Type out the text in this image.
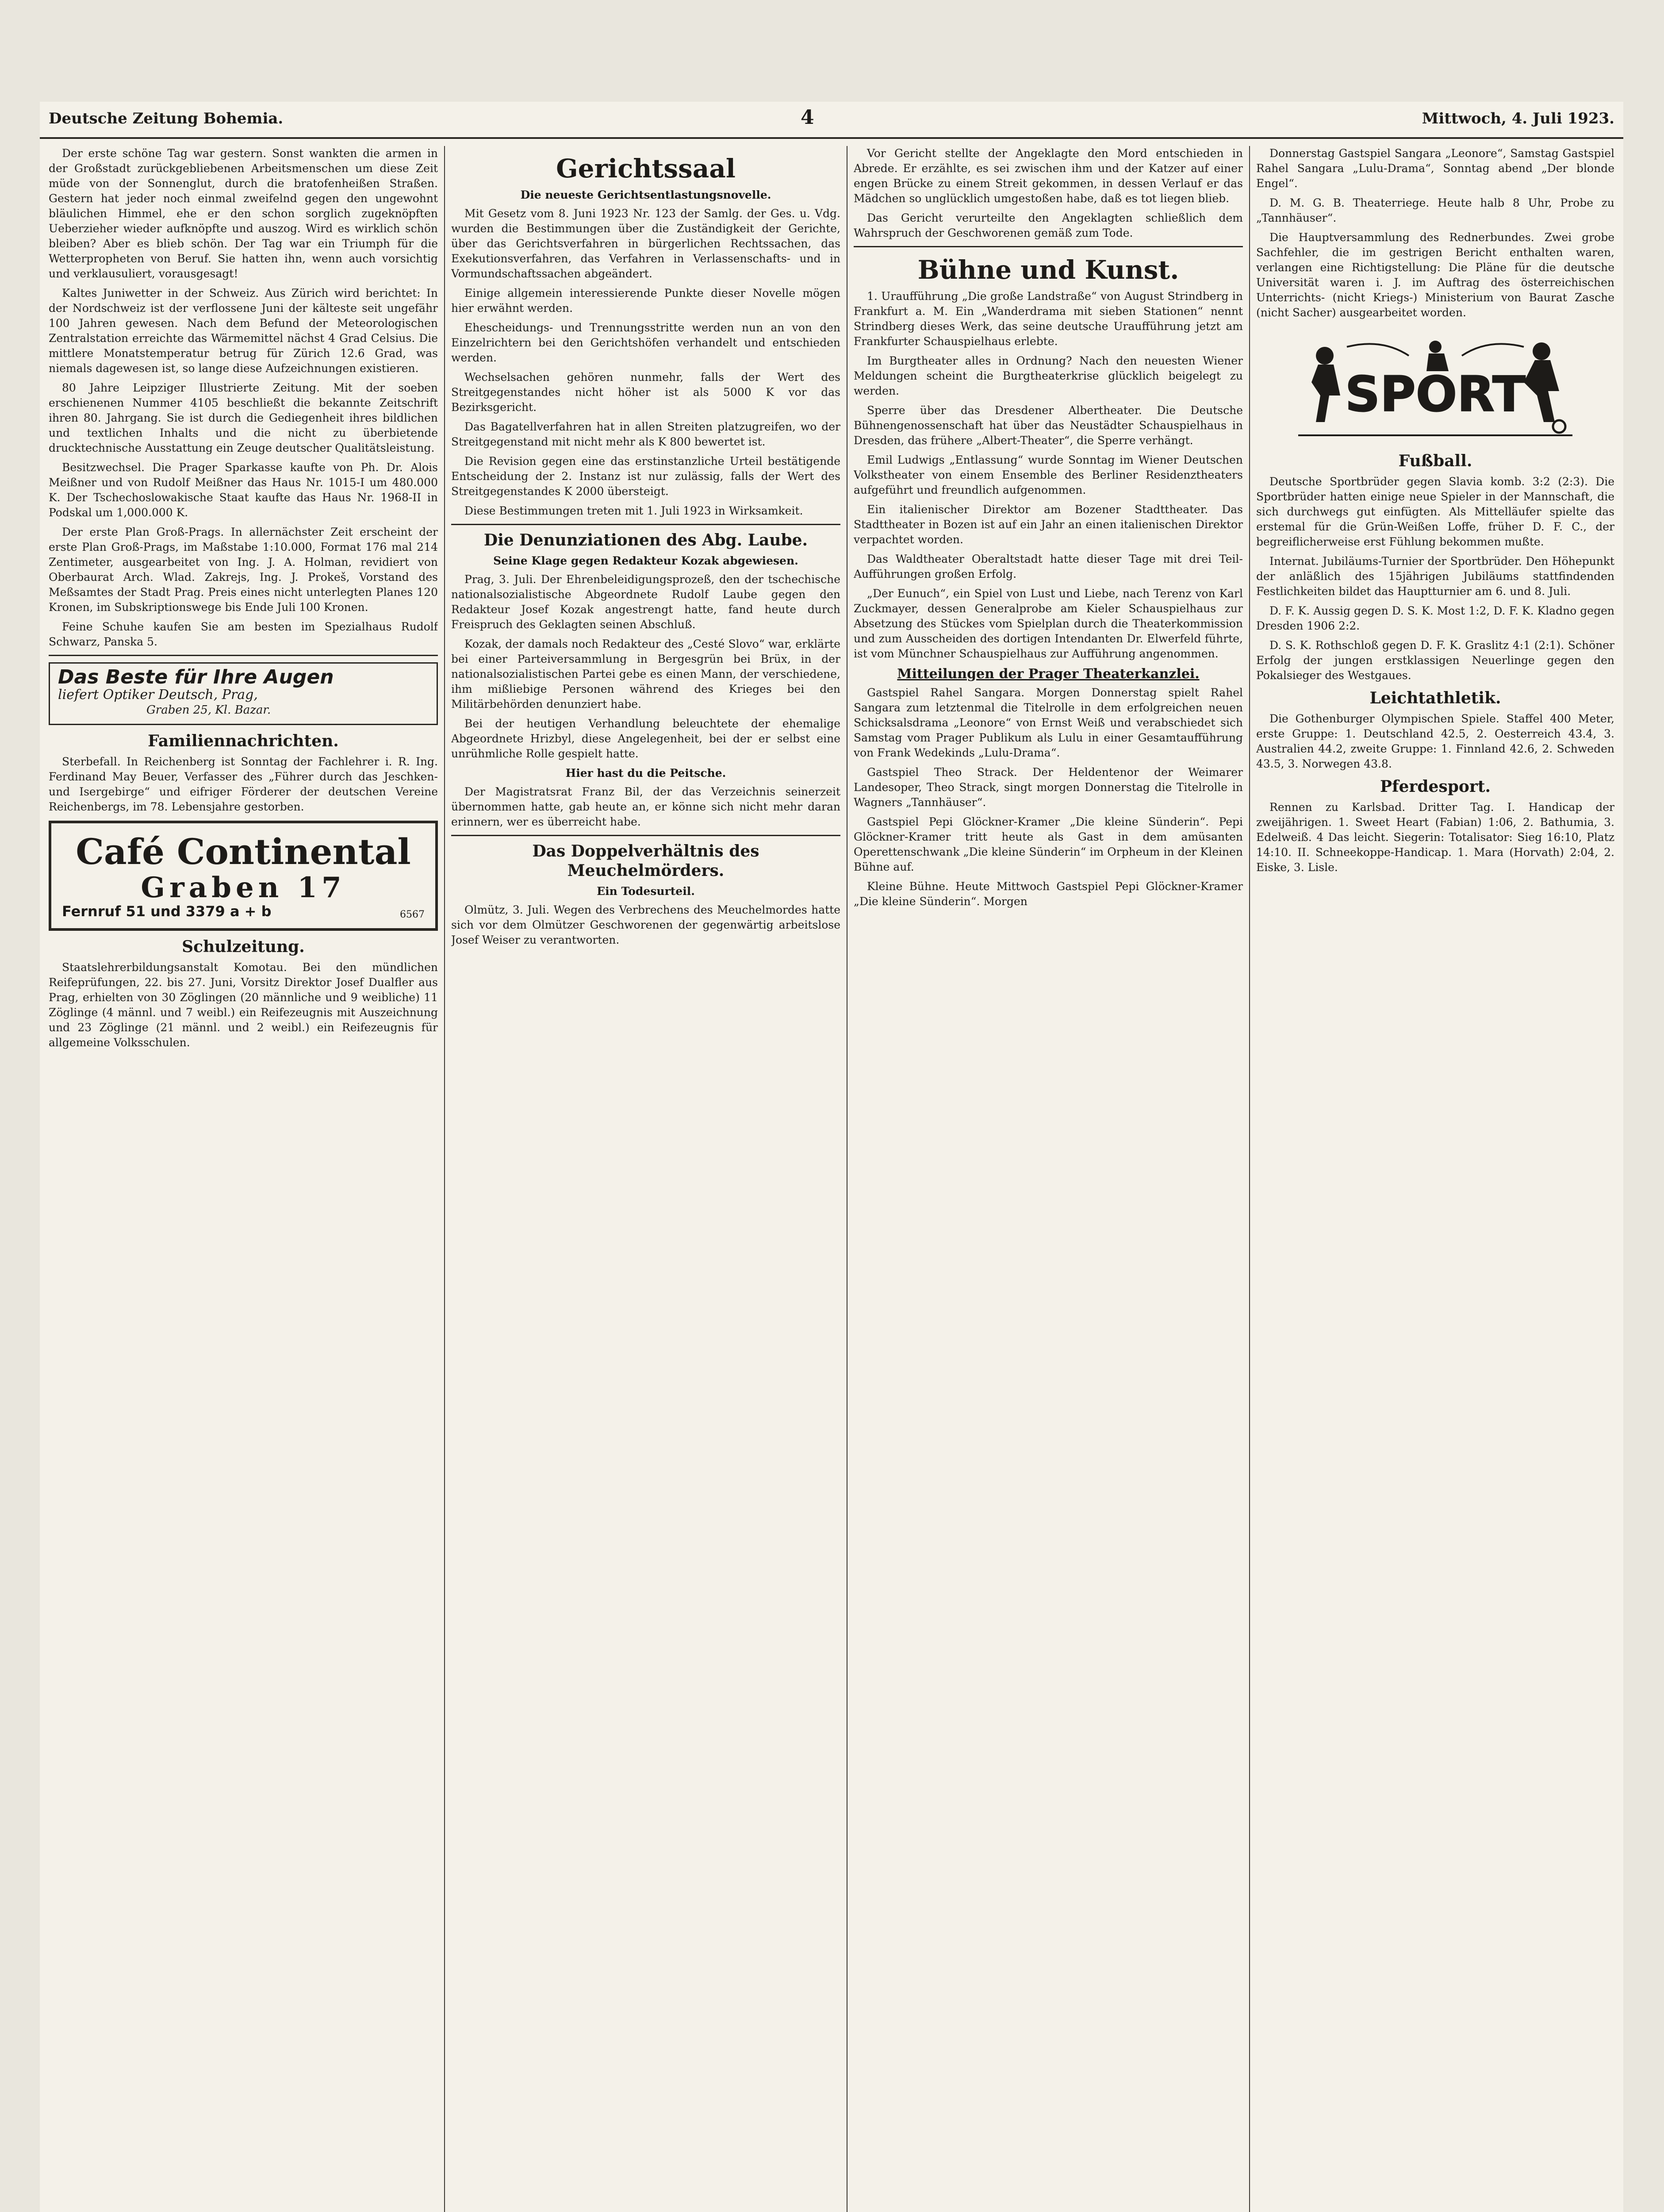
Deutsche Zeitung Bohemia.	4	Mittwoch, 4. Juli 1923.

Der erste schöne Tag war gestern. Sonst wankten die armen in der Großstadt zurückgebliebenen Arbeitsmenschen um diese Zeit müde von der Sonnenglut, durch die bratofenheißen Straßen. Gestern hat jeder noch einmal zweifelnd gegen den ungewohnt bläulichen Himmel, ehe er den schon sorglich zugeknöpften Ueberzieher wieder aufknöpfte und auszog. Wird es wirklich schön bleiben? Aber es blieb schön. Der Tag war ein Triumph für die Wetterpropheten von Beruf. Sie hatten ihn, wenn auch vorsichtig und verklausuliert, vorausgesagt!

Kaltes Juniwetter in der Schweiz. Aus Zürich wird berichtet: In der Nordschweiz ist der verflossene Juni der kälteste seit ungefähr 100 Jahren gewesen. Nach dem Befund der Meteorologischen Zentralstation erreichte das Wärmemittel nächst 4 Grad Celsius. Die mittlere Monatstemperatur betrug für Zürich 12.6 Grad, was niemals dagewesen ist, so lange diese Aufzeichnungen existieren.

80 Jahre Leipziger Illustrierte Zeitung. Mit der soeben erschienenen Nummer 4105 beschließt die bekannte Zeitschrift ihren 80. Jahrgang. Sie ist durch die Gediegenheit ihres bildlichen und textlichen Inhalts und die nicht zu überbietende drucktechnische Ausstattung ein Zeuge deutscher Qualitätsleistung.

Besitzwechsel. Die Prager Sparkasse kaufte von Ph. Dr. Alois Meißner und von Rudolf Meißner das Haus Nr. 1015-I um 480.000 K. Der Tschechoslowakische Staat kaufte das Haus Nr. 1968-II in Podskal um 1,000.000 K.

Der erste Plan Groß-Prags. In allernächster Zeit erscheint der erste Plan Groß-Prags, im Maßstabe 1:10.000, Format 176 mal 214 Zentimeter, ausgearbeitet von Ing. J. A. Holman, revidiert von Oberbaurat Arch. Wlad. Zakrejs, Ing. J. Prokeš, Vorstand des Meßsamtes der Stadt Prag. Preis eines nicht unterlegten Planes 120 Kronen, im Subskriptionswege bis Ende Juli 100 Kronen.

Feine Schuhe kaufen Sie am besten im Spezialhaus Rudolf Schwarz, Panska 5.

Das Beste für Ihre Augen
liefert Optiker Deutsch, Prag,
Graben 25, Kl. Bazar.
Familiennachrichten.

Sterbefall. In Reichenberg ist Sonntag der Fachlehrer i. R. Ing. Ferdinand May Beuer, Verfasser des „Führer durch das Jeschken- und Isergebirge“ und eifriger Förderer der deutschen Vereine Reichenbergs, im 78. Lebensjahre gestorben.

Café Continental
Graben 17
Fernruf 51 und 3379 a + b	6567
Schulzeitung.

Staatslehrerbildungsanstalt Komotau. Bei den mündlichen Reifeprüfungen, 22. bis 27. Juni, Vorsitz Direktor Josef Dualfler aus Prag, erhielten von 30 Zöglingen (20 männliche und 9 weibliche) 11 Zöglinge (4 männl. und 7 weibl.) ein Reifezeugnis mit Auszeichnung und 23 Zöglinge (21 männl. und 2 weibl.) ein Reifezeugnis für allgemeine Volksschulen.

Gerichtssaal
Die neueste Gerichtsentlastungsnovelle.

Mit Gesetz vom 8. Juni 1923 Nr. 123 der Samlg. der Ges. u. Vdg. wurden die Bestimmungen über die Zuständigkeit der Gerichte, über das Gerichtsverfahren in bürgerlichen Rechtssachen, das Exekutionsverfahren, das Verfahren in Verlassenschafts- und in Vormundschaftssachen abgeändert.

Einige allgemein interessierende Punkte dieser Novelle mögen hier erwähnt werden.

Ehescheidungs- und Trennungsstritte werden nun an von den Einzelrichtern bei den Gerichtshöfen verhandelt und entschieden werden.

Wechselsachen gehören nunmehr, falls der Wert des Streitgegenstandes nicht höher ist als 5000 K vor das Bezirksgericht.

Das Bagatellverfahren hat in allen Streiten platzugreifen, wo der Streitgegenstand mit nicht mehr als K 800 bewertet ist.

Die Revision gegen eine das erstinstanzliche Urteil bestätigende Entscheidung der 2. Instanz ist nur zulässig, falls der Wert des Streitgegenstandes K 2000 übersteigt.

Diese Bestimmungen treten mit 1. Juli 1923 in Wirksamkeit.

Die Denunziationen des Abg. Laube.
Seine Klage gegen Redakteur Kozak abgewiesen.

Prag, 3. Juli. Der Ehrenbeleidigungsprozeß, den der tschechische nationalsozialistische Abgeordnete Rudolf Laube gegen den Redakteur Josef Kozak angestrengt hatte, fand heute durch Freispruch des Geklagten seinen Abschluß.

Kozak, der damals noch Redakteur des „Cesté Slovo“ war, erklärte bei einer Parteiversammlung in Bergesgrün bei Brüx, in der nationalsozialistischen Partei gebe es einen Mann, der verschiedene, ihm mißliebige Personen während des Krieges bei den Militärbehörden denunziert habe.

Bei der heutigen Verhandlung beleuchtete der ehemalige Abgeordnete Hrizbyl, diese Angelegenheit, bei der er selbst eine unrühmliche Rolle gespielt hatte.

Hier hast du die Peitsche.

Der Magistratsrat Franz Bil, der das Verzeichnis seinerzeit übernommen hatte, gab heute an, er könne sich nicht mehr daran erinnern, wer es überreicht habe.

Das Doppelverhältnis des Meuchelmörders.
Ein Todesurteil.

Olmütz, 3. Juli. Wegen des Verbrechens des Meuchelmordes hatte sich vor dem Olmützer Geschworenen der gegenwärtig arbeitslose Josef Weiser zu verantworten.

Vor Gericht stellte der Angeklagte den Mord entschieden in Abrede. Er erzählte, es sei zwischen ihm und der Katzer auf einer engen Brücke zu einem Streit gekommen, in dessen Verlauf er das Mädchen so unglücklich umgestoßen habe, daß es tot liegen blieb.

Das Gericht verurteilte den Angeklagten schließlich dem Wahrspruch der Geschworenen gemäß zum Tode.

Bühne und Kunst.

1. Uraufführung „Die große Landstraße“ von August Strindberg in Frankfurt a. M. Ein „Wanderdrama mit sieben Stationen“ nennt Strindberg dieses Werk, das seine deutsche Uraufführung jetzt am Frankfurter Schauspielhaus erlebte.

Im Burgtheater alles in Ordnung? Nach den neuesten Wiener Meldungen scheint die Burgtheaterkrise glücklich beigelegt zu werden.

Sperre über das Dresdener Albertheater. Die Deutsche Bühnengenossenschaft hat über das Neustädter Schauspielhaus in Dresden, das frühere „Albert-Theater“, die Sperre verhängt.

Emil Ludwigs „Entlassung“ wurde Sonntag im Wiener Deutschen Volkstheater von einem Ensemble des Berliner Residenztheaters aufgeführt und freundlich aufgenommen.

Ein italienischer Direktor am Bozener Stadttheater. Das Stadttheater in Bozen ist auf ein Jahr an einen italienischen Direktor verpachtet worden.

Das Waldtheater Oberaltstadt hatte dieser Tage mit drei Teil-Aufführungen großen Erfolg.

„Der Eunuch“, ein Spiel von Lust und Liebe, nach Terenz von Karl Zuckmayer, dessen Generalprobe am Kieler Schauspielhaus zur Absetzung des Stückes vom Spielplan durch die Theaterkommission und zum Ausscheiden des dortigen Intendanten Dr. Elwerfeld führte, ist vom Münchner Schauspielhaus zur Aufführung angenommen.

Mitteilungen der Prager Theaterkanzlei.

Gastspiel Rahel Sangara. Morgen Donnerstag spielt Rahel Sangara zum letztenmal die Titelrolle in dem erfolgreichen neuen Schicksalsdrama „Leonore“ von Ernst Weiß und verabschiedet sich Samstag vom Prager Publikum als Lulu in einer Gesamtaufführung von Frank Wedekinds „Lulu-Drama“.

Gastspiel Theo Strack. Der Heldentenor der Weimarer Landesoper, Theo Strack, singt morgen Donnerstag die Titelrolle in Wagners „Tannhäuser“.

Gastspiel Pepi Glöckner-Kramer „Die kleine Sünderin“. Pepi Glöckner-Kramer tritt heute als Gast in dem amüsanten Operettenschwank „Die kleine Sünderin“ im Orpheum in der Kleinen Bühne auf.

Kleine Bühne. Heute Mittwoch Gastspiel Pepi Glöckner-Kramer „Die kleine Sünderin“. Morgen

Donnerstag Gastspiel Sangara „Leonore“, Samstag Gastspiel Rahel Sangara „Lulu-Drama“, Sonntag abend „Der blonde Engel“.

D. M. G. B. Theaterriege. Heute halb 8 Uhr, Probe zu „Tannhäuser“.

Die Hauptversammlung des Rednerbundes. Zwei grobe Sachfehler, die im gestrigen Bericht enthalten waren, verlangen eine Richtigstellung: Die Pläne für die deutsche Universität waren i. J. im Auftrag des österreichischen Unterrichts- (nicht Kriegs-) Ministerium von Baurat Zasche (nicht Sacher) ausgearbeitet worden.

SPORT
Fußball.

Deutsche Sportbrüder gegen Slavia komb. 3:2 (2:3). Die Sportbrüder hatten einige neue Spieler in der Mannschaft, die sich durchwegs gut einfügten. Als Mittelläufer spielte das erstemal für die Grün-Weißen Loffe, früher D. F. C., der begreiflicherweise erst Fühlung bekommen mußte.

Internat. Jubiläums-Turnier der Sportbrüder. Den Höhepunkt der anläßlich des 15jährigen Jubiläums stattfindenden Festlichkeiten bildet das Hauptturnier am 6. und 8. Juli.

D. F. K. Aussig gegen D. S. K. Most 1:2, D. F. K. Kladno gegen Dresden 1906 2:2.

D. S. K. Rothschloß gegen D. F. K. Graslitz 4:1 (2:1). Schöner Erfolg der jungen erstklassigen Neuerlinge gegen den Pokalsieger des Westgaues.

Leichtathletik.

Die Gothenburger Olympischen Spiele. Staffel 400 Meter, erste Gruppe: 1. Deutschland 42.5, 2. Oesterreich 43.4, 3. Australien 44.2, zweite Gruppe: 1. Finnland 42.6, 2. Schweden 43.5, 3. Norwegen 43.8.

Pferdesport.

Rennen zu Karlsbad. Dritter Tag. I. Handicap der zweijährigen. 1. Sweet Heart (Fabian) 1:06, 2. Bathumia, 3. Edelweiß. 4 Das leicht. Siegerin: Totalisator: Sieg 16:10, Platz 14:10. II. Schneekoppe-Handicap. 1. Mara (Horvath) 2:04, 2. Eiske, 3. Lisle.
